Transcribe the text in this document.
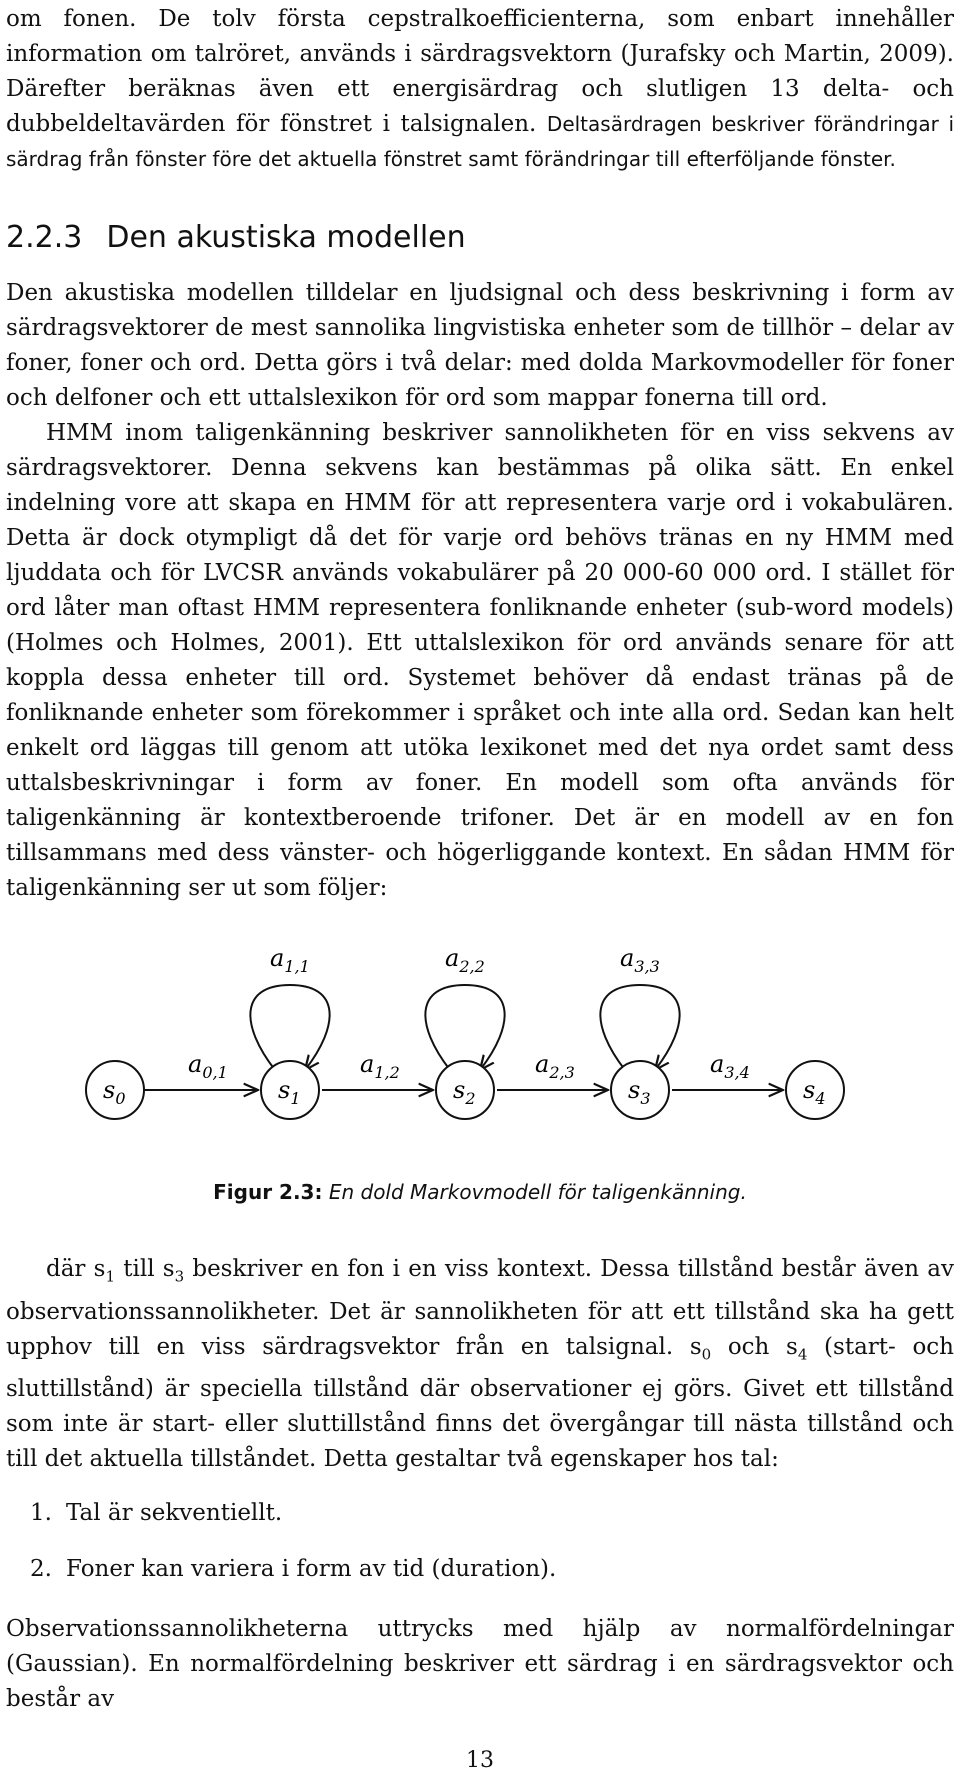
om fonen. De tolv första cepstralkoefficienterna, som enbart innehåller information om talröret, används i särdragsvektorn (Jurafsky och Martin, 2009). Därefter beräknas även ett energisärdrag och slutligen 13 delta- och dubbeldeltavärden för fönstret i talsignalen. Deltasärdragen beskriver förändringar i särdrag från fönster före det aktuella fönstret samt förändringar till efterföljande fönster.

2.2.3 Den akustiska modellen

Den akustiska modellen tilldelar en ljudsignal och dess beskrivning i form av särdragsvektorer de mest sannolika lingvistiska enheter som de tillhör – delar av foner, foner och ord. Detta görs i två delar: med dolda Markovmodeller för foner och delfoner och ett uttalslexikon för ord som mappar fonerna till ord.

HMM inom taligenkänning beskriver sannolikheten för en viss sekvens av särdragsvektorer. Denna sekvens kan bestämmas på olika sätt. En enkel indelning vore att skapa en HMM för att representera varje ord i vokabulären. Detta är dock otympligt då det för varje ord behövs tränas en ny HMM med ljuddata och för LVCSR används vokabulärer på 20 000-60 000 ord. I stället för ord låter man oftast HMM representera fonliknande enheter (sub-word models) (Holmes och Holmes, 2001). Ett uttalslexikon för ord används senare för att koppla dessa enheter till ord. Systemet behöver då endast tränas på de fonliknande enheter som förekommer i språket och inte alla ord. Sedan kan helt enkelt ord läggas till genom att utöka lexikonet med det nya ordet samt dess uttalsbeskrivningar i form av foner. En modell som ofta används för taligenkänning är kontextberoende trifoner. Det är en modell av en fon tillsammans med dess vänster- och högerliggande kontext. En sådan HMM för taligenkänning ser ut som följer:

$s_0$	$s_1$	$s_2$	$s_3$	$s_4$
$a_{0,1}$	$a_{1,2}$	$a_{2,3}$	$a_{3,4}$
$a_{1,1}$	$a_{2,2}$	$a_{3,3}$
Figur 2.3: En dold Markovmodell för taligenkänning.

där $s_1$ till $s_3$ beskriver en fon i en viss kontext. Dessa tillstånd består även av observationssannolikheter. Det är sannolikheten för att ett tillstånd ska ha gett upphov till en viss särdragsvektor från en talsignal. $s_0$ och $s_4$ (start- och sluttillstånd) är speciella tillstånd där observationer ej görs. Givet ett tillstånd som inte är start- eller sluttillstånd finns det övergångar till nästa tillstånd och till det aktuella tillståndet. Detta gestaltar två egenskaper hos tal:

1. Tal är sekventiellt.
2. Foner kan variera i form av tid (duration).

Observationssannolikheterna uttrycks med hjälp av normalfördelningar (Gaussian). En normalfördelning beskriver ett särdrag i en särdragsvektor och består av

13
